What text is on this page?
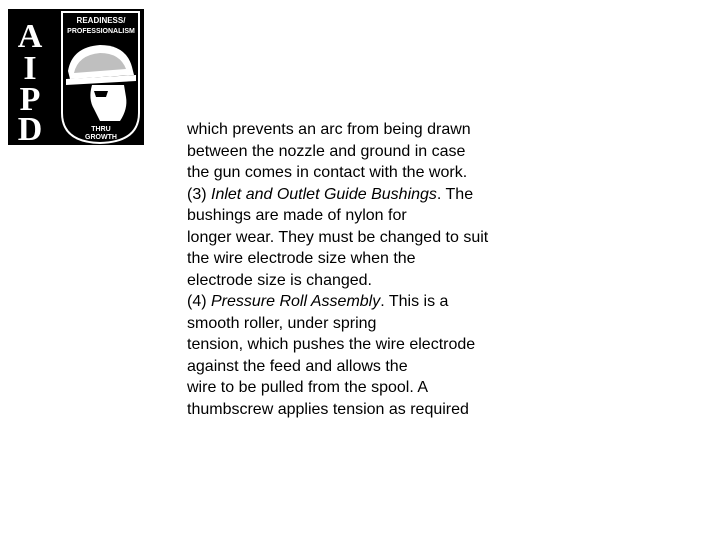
A
I
P
D
READINESS/
PROFESSIONALISM
THRU
GROWTH	which prevents an arc from being drawn
between the nozzle and ground in case
the gun comes in contact with the work.
(3) Inlet and Outlet Guide Bushings. The
bushings are made of nylon for
longer wear. They must be changed to suit
the wire electrode size when the
electrode size is changed.
(4) Pressure Roll Assembly. This is a
smooth roller, under spring
tension, which pushes the wire electrode
against the feed and allows the
wire to be pulled from the spool. A
thumbscrew applies tension as required
